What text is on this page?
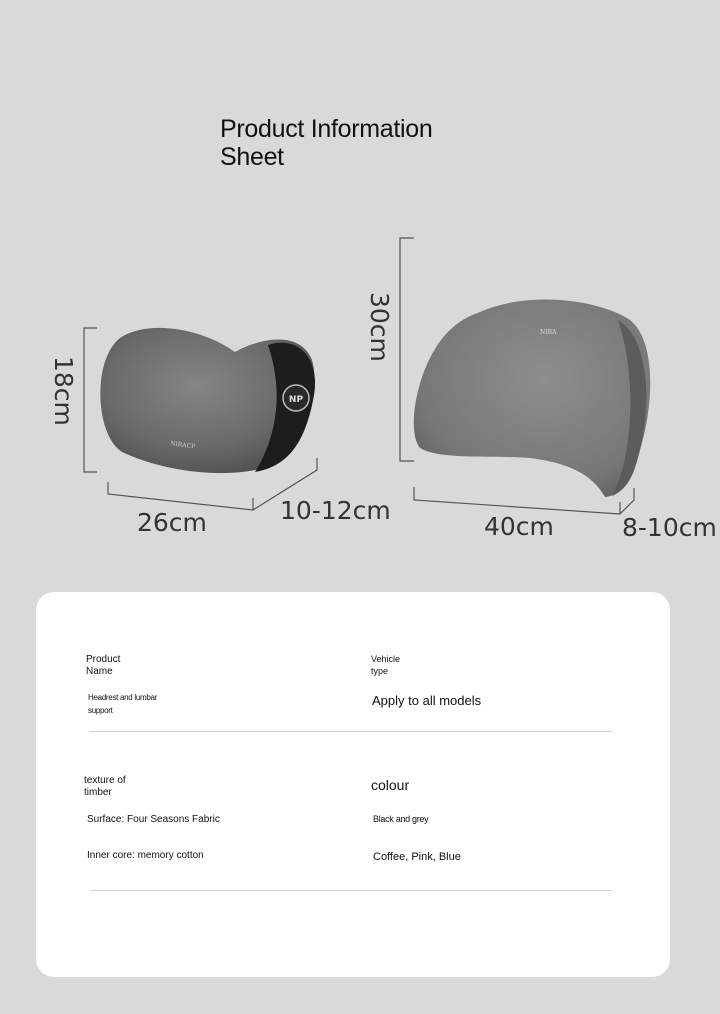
Product Information
Sheet
NP
NIRACP
NIRA
18cm
26cm	10-12cm
30cm
40cm	8-10cm
Product
Name
Headrest and lumbar
support
Vehicle
type
Apply to all models
texture of
timber
Surface: Four Seasons Fabric
Inner core: memory cotton
colour
Black and grey
Coffee, Pink, Blue
